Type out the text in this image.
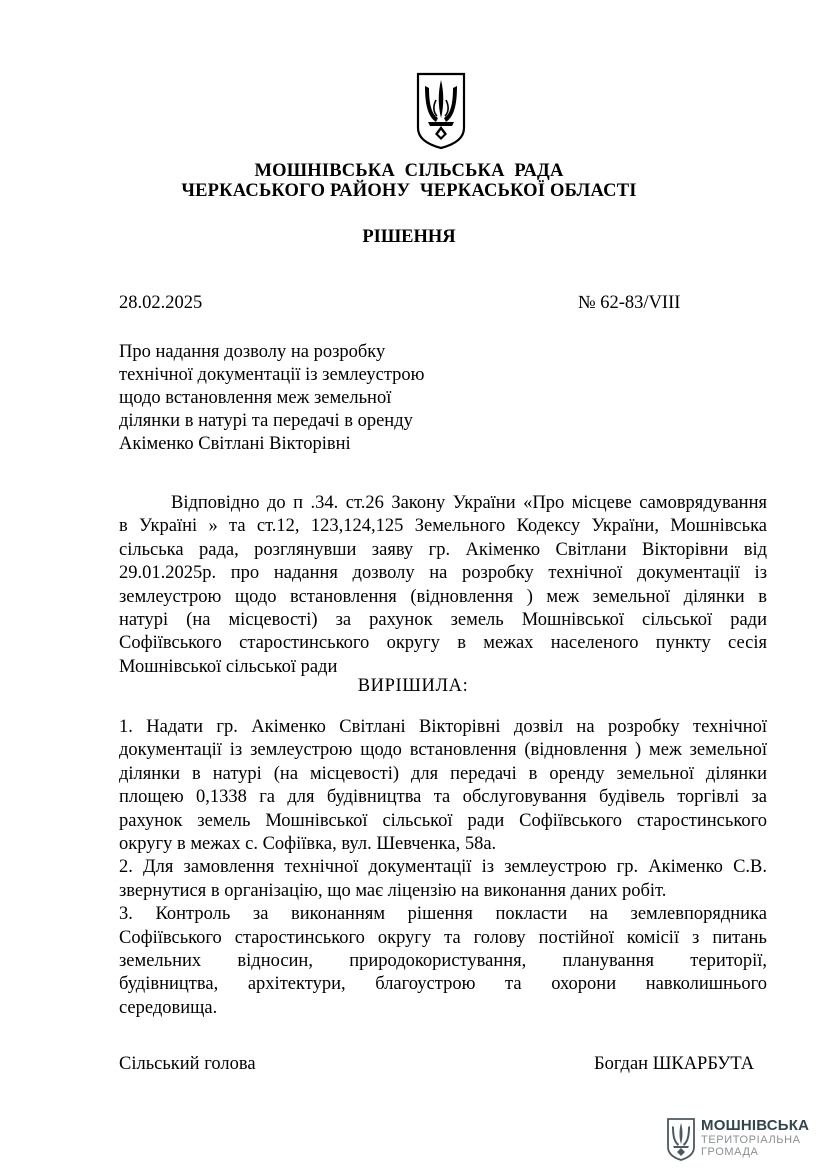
МОШНІВСЬКА  СІЛЬСЬКА  РАДА
ЧЕРКАСЬКОГО РАЙОНУ  ЧЕРКАСЬКОЇ ОБЛАСТІ
РІШЕННЯ
28.02.2025	№ 62-83/VIII
Про надання дозволу на розробку
технічної документації із землеустрою
щодо встановлення меж земельної
ділянки в натурі та передачі в оренду
Акіменко Світлані Вікторівні
Відповідно до п .34. ст.26 Закону України «Про місцеве самоврядування
в Україні » та ст.12, 123,124,125 Земельного Кодексу України, Мошнівська
сільська рада, розглянувши заяву гр. Акіменко Світлани Вікторівни від
29.01.2025р. про надання дозволу на розробку технічної документації із
землеустрою щодо встановлення (відновлення ) меж земельної ділянки в
натурі (на місцевості) за рахунок земель Мошнівської сільської ради
Софіївського старостинського округу в межах населеного пункту сесія
Мошнівської сільської ради
ВИРІШИЛА:
1. Надати гр. Акіменко Світлані Вікторівні дозвіл на розробку технічної
документації із землеустрою щодо встановлення (відновлення ) меж земельної
ділянки в натурі (на місцевості) для передачі в оренду земельної ділянки
площею 0,1338 га для будівництва та обслуговування будівель торгівлі за
рахунок земель Мошнівської сільської ради Софіївського старостинського
округу в межах с. Софіївка, вул. Шевченка, 58а.
2. Для замовлення технічної документації із землеустрою гр. Акіменко С.В.
звернутися в організацію, що має ліцензію на виконання даних робіт.
3. Контроль за виконанням рішення покласти на землевпорядника
Софіївського старостинського округу та голову постійної комісії з питань
земельних відносин, природокористування, планування території,
будівництва, архітектури, благоустрою та охорони навколишнього
середовища.
Сільський голова	Богдан ШКАРБУТА
МОШНІВСЬКА
ТЕРИТОРІАЛЬНА
ГРОМАДА
